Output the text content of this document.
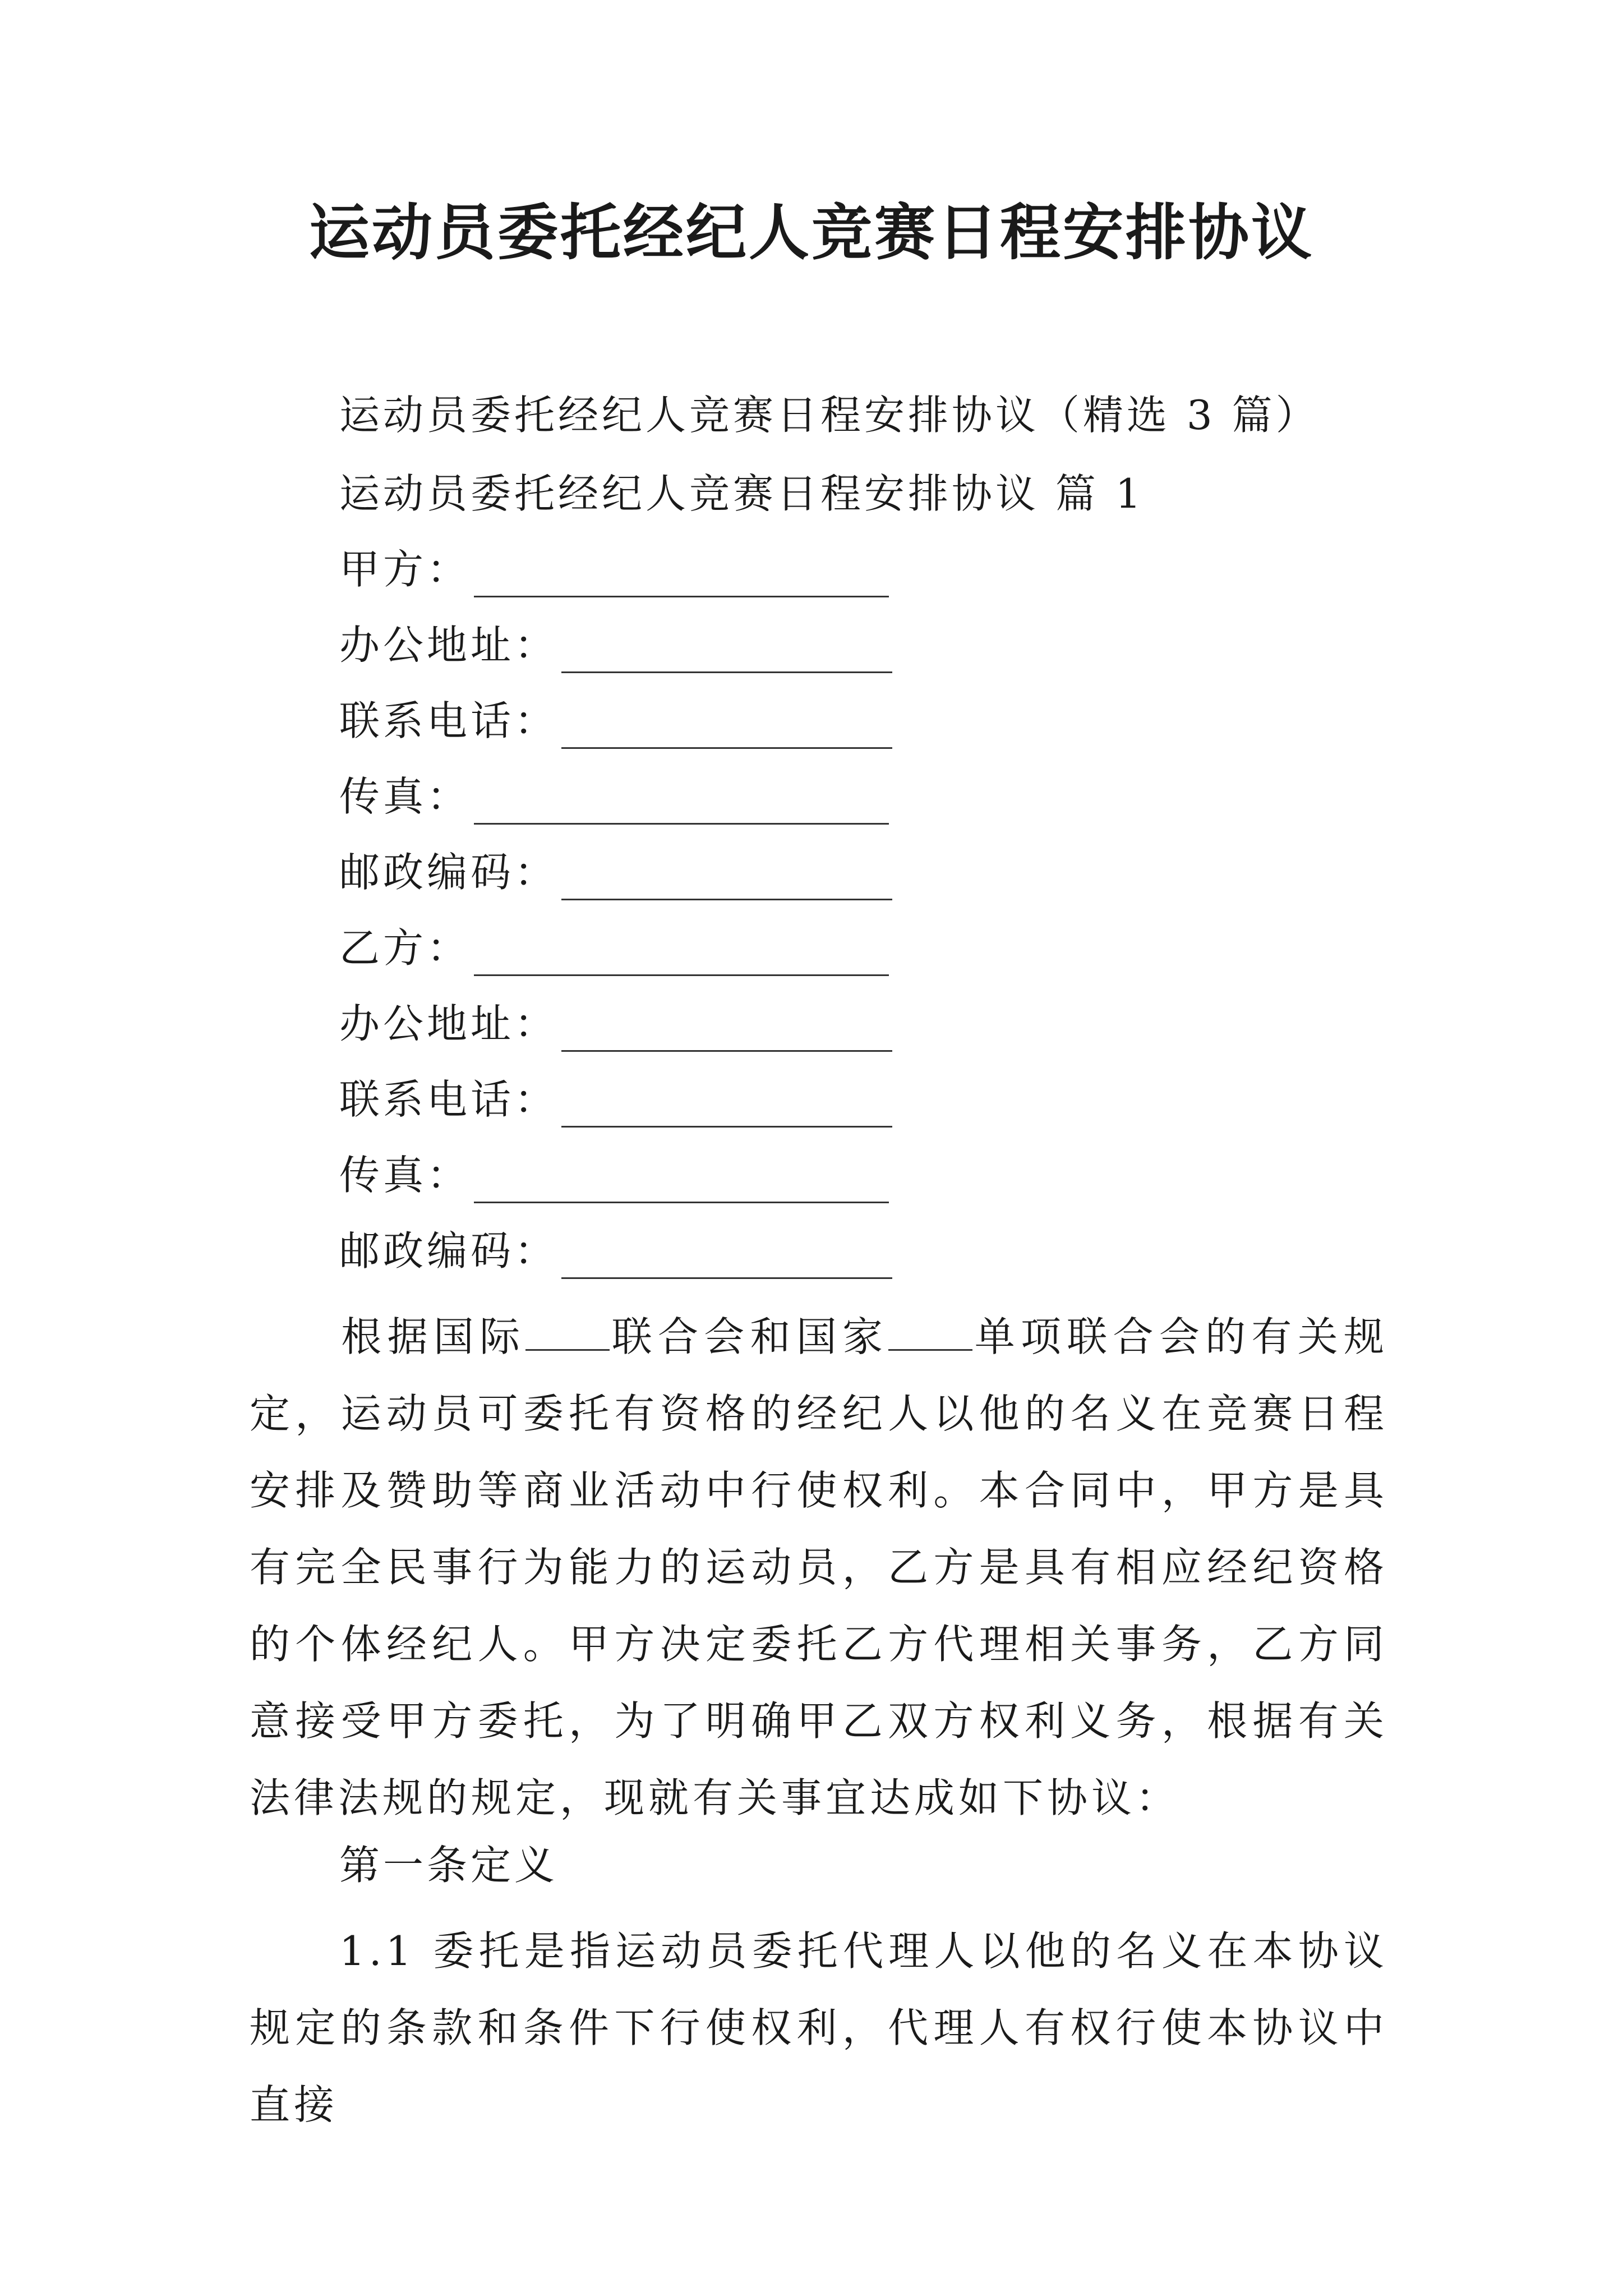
运动员委托经纪人竞赛日程安排协议
运动员委托经纪人竞赛日程安排协议（精选 3 篇）
运动员委托经纪人竞赛日程安排协议 篇 1
甲方：
办公地址：
联系电话：
传真：
邮政编码：
乙方：
办公地址：
联系电话：
传真：
邮政编码：

根据国际 联合会和国家 单项联合会的有关规定，运动员可委托有资格的经纪人以他的名义在竞赛日程安排及赞助等商业活动中行使权利。本合同中，甲方是具有完全民事行为能力的运动员，乙方是具有相应经纪资格的个体经纪人。甲方决定委托乙方代理相关事务，乙方同意接受甲方委托，为了明确甲乙双方权利义务，根据有关法律法规的规定，现就有关事宜达成如下协议：

第一条定义

1.1 委托是指运动员委托代理人以他的名义在本协议规定的条款和条件下行使权利，代理人有权行使本协议中直接
